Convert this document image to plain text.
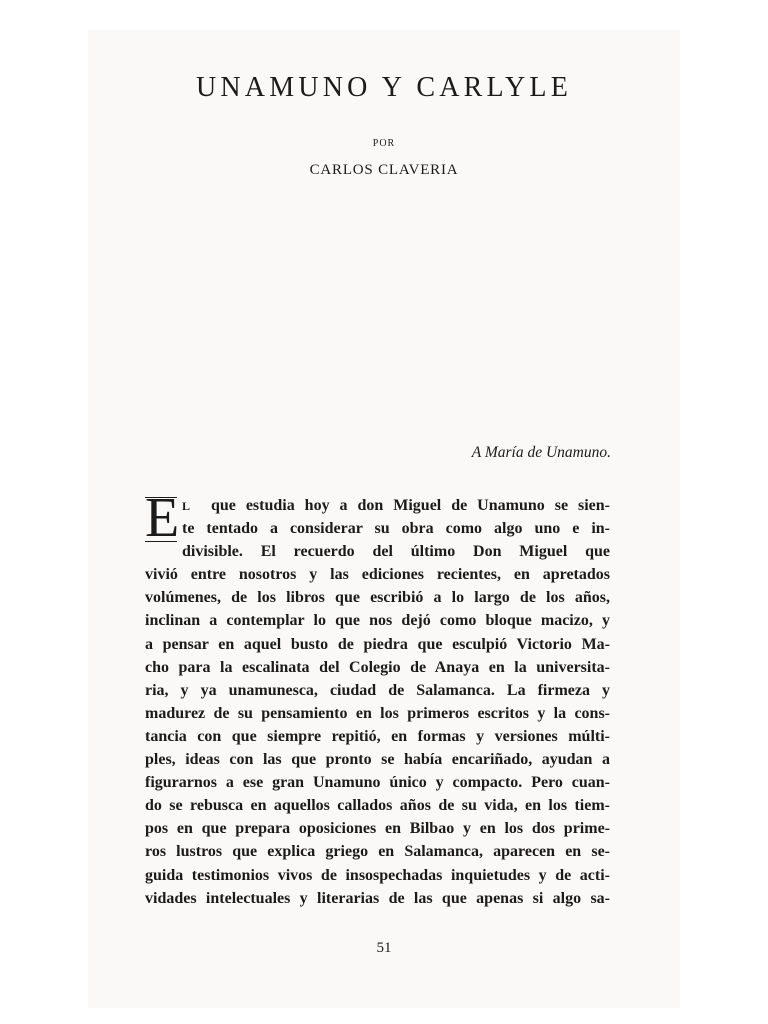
UNAMUNO Y CARLYLE
POR
CARLOS CLAVERIA
A María de Unamuno.
E L que estudia hoy a don Miguel de Unamuno se sien-
te tentado a considerar su obra como algo uno e in-
divisible. El recuerdo del último Don Miguel que
vivió entre nosotros y las ediciones recientes, en apretados
volúmenes, de los libros que escribió a lo largo de los años,
inclinan a contemplar lo que nos dejó como bloque macizo, y
a pensar en aquel busto de piedra que esculpió Victorio Ma-
cho para la escalinata del Colegio de Anaya en la universita-
ria, y ya unamunesca, ciudad de Salamanca. La firmeza y
madurez de su pensamiento en los primeros escritos y la cons-
tancia con que siempre repitió, en formas y versiones múlti-
ples, ideas con las que pronto se había encariñado, ayudan a
figurarnos a ese gran Unamuno único y compacto. Pero cuan-
do se rebusca en aquellos callados años de su vida, en los tiem-
pos en que prepara oposiciones en Bilbao y en los dos prime-
ros lustros que explica griego en Salamanca, aparecen en se-
guida testimonios vivos de insospechadas inquietudes y de acti-
vidades intelectuales y literarias de las que apenas si algo sa-
51
